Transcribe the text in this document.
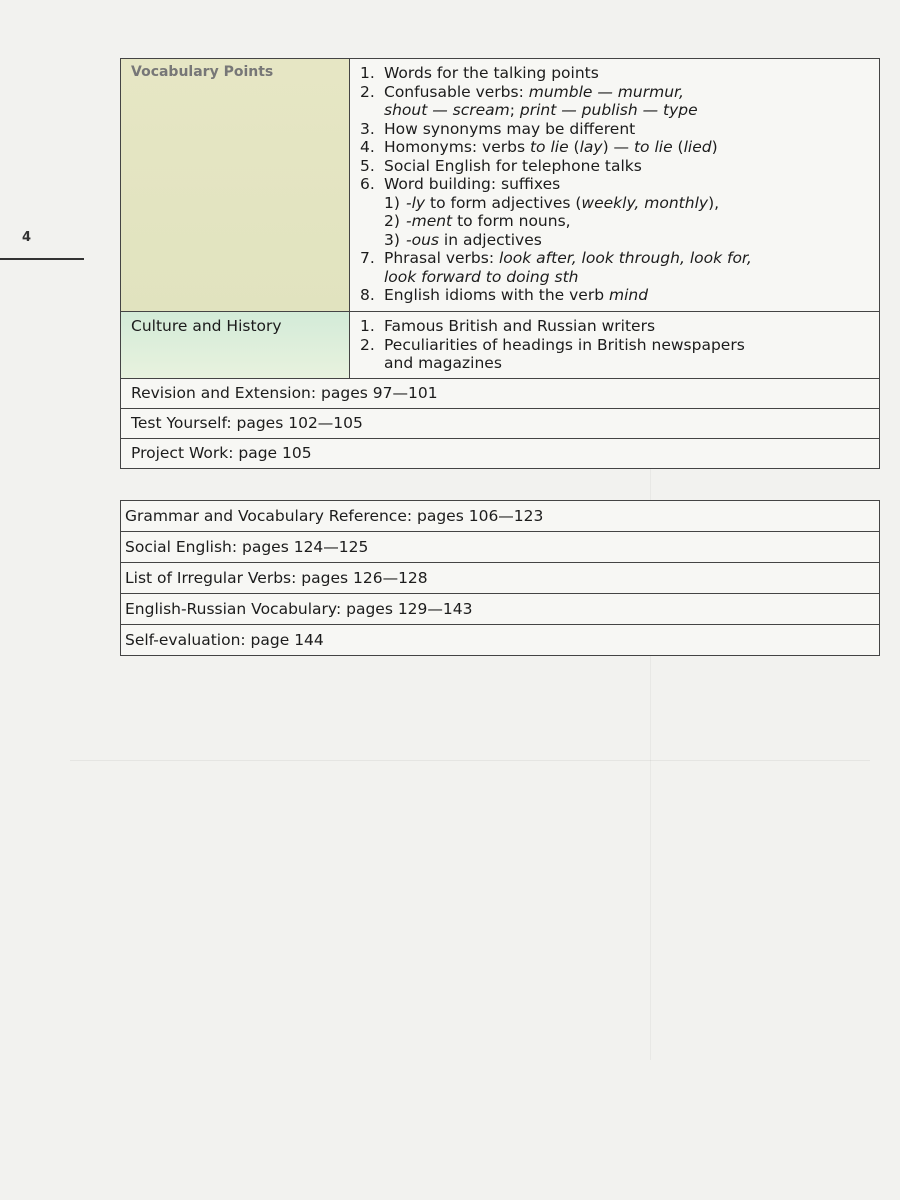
4
Vocabulary Points	1. Words for the talking points
2. Confusable verbs: mumble — murmur,
shout — scream; print — publish — type
3. How synonyms may be different
4. Homonyms: verbs to lie (lay) — to lie (lied)
5. Social English for telephone talks
6. Word building: suffixes
1) -ly to form adjectives (weekly, monthly),
2) -ment to form nouns,
3) -ous in adjectives
7. Phrasal verbs: look after, look through, look for,
look forward to doing sth
8. English idioms with the verb mind
Culture and History	1. Famous British and Russian writers
2. Peculiarities of headings in British newspapers
and magazines
Revision and Extension: pages 97—101
Test Yourself: pages 102—105
Project Work: page 105
Grammar and Vocabulary Reference: pages 106—123
Social English: pages 124—125
List of Irregular Verbs: pages 126—128
English-Russian Vocabulary: pages 129—143
Self-evaluation: page 144
